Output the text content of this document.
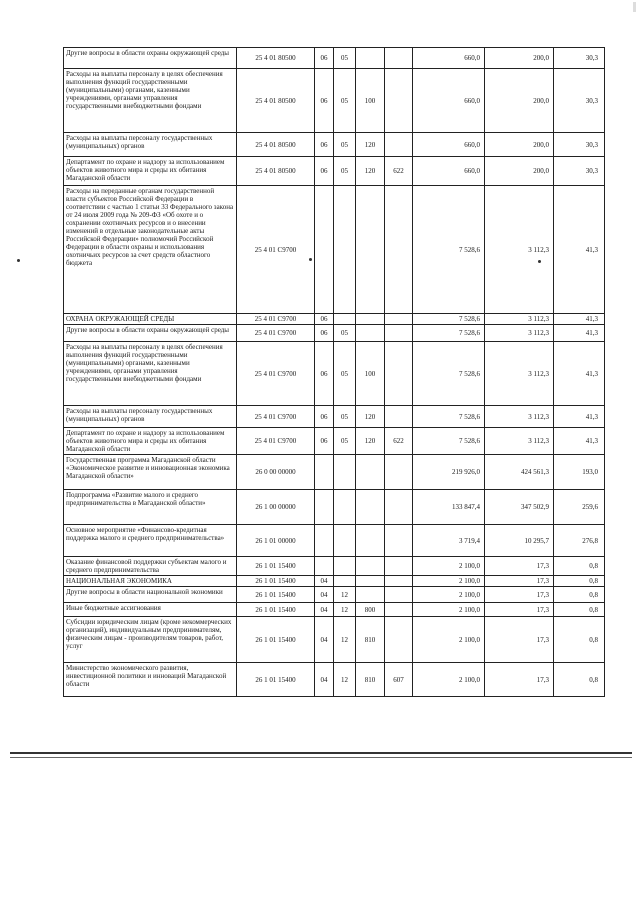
Другие вопросы в области охраны окружающей среды	25 4 01 80500	06	05			660,0	200,0	30,3
Расходы на выплаты персоналу в целях обеспечения выполнения функций государственными (муниципальными) органами, казенными учреждениями, органами управления государственными внебюджетными фондами	25 4 01 80500	06	05	100		660,0	200,0	30,3
Расходы на выплаты персоналу государственных (муниципальных) органов	25 4 01 80500	06	05	120		660,0	200,0	30,3
Департамент по охране и надзору за использованием объектов животного мира и среды их обитания Магаданской области	25 4 01 80500	06	05	120	622	660,0	200,0	30,3
Расходы на переданные органам государственной власти субъектов Российской Федерации в соответствии с частью 1 статьи 33 Федерального закона от 24 июля 2009 года № 209-ФЗ «Об охоте и о сохранении охотничьих ресурсов и о внесении изменений в отдельные законодательные акты Российской Федерации» полномочий Российской Федерации в области охраны и использования охотничьих ресурсов за счет средств областного бюджета	25 4 01 С9700					7 528,6	3 112,3	41,3
ОХРАНА ОКРУЖАЮЩЕЙ СРЕДЫ	25 4 01 С9700	06				7 528,6	3 112,3	41,3
Другие вопросы в области охраны окружающей среды	25 4 01 С9700	06	05			7 528,6	3 112,3	41,3
Расходы на выплаты персоналу в целях обеспечения выполнения функций государственными (муниципальными) органами, казенными учреждениями, органами управления государственными внебюджетными фондами	25 4 01 С9700	06	05	100		7 528,6	3 112,3	41,3
Расходы на выплаты персоналу государственных (муниципальных) органов	25 4 01 С9700	06	05	120		7 528,6	3 112,3	41,3
Департамент по охране и надзору за использованием объектов животного мира и среды их обитания Магаданской области	25 4 01 С9700	06	05	120	622	7 528,6	3 112,3	41,3
Государственная программа Магаданской области «Экономическое развитие и инновационная экономика Магаданской области»	26 0 00 00000					219 926,0	424 561,3	193,0
Подпрограмма «Развитие малого и среднего предпринимательства в Магаданской области»	26 1 00 00000					133 847,4	347 502,9	259,6
Основное мероприятие «Финансово-кредитная поддержка малого и среднего предпринимательства»	26 1 01 00000					3 719,4	10 295,7	276,8
Оказание финансовой поддержки субъектам малого и среднего предпринимательства	26 1 01 15400					2 100,0	17,3	0,8
НАЦИОНАЛЬНАЯ ЭКОНОМИКА	26 1 01 15400	04				2 100,0	17,3	0,8
Другие вопросы в области национальной экономики	26 1 01 15400	04	12			2 100,0	17,3	0,8
Иные бюджетные ассигнования	26 1 01 15400	04	12	800		2 100,0	17,3	0,8
Субсидии юридическим лицам (кроме некоммерческих организаций), индивидуальным предпринимателям, физическим лицам - производителям товаров, работ, услуг	26 1 01 15400	04	12	810		2 100,0	17,3	0,8
Министерство экономического развития, инвестиционной политики и инноваций Магаданской области	26 1 01 15400	04	12	810	607	2 100,0	17,3	0,8
